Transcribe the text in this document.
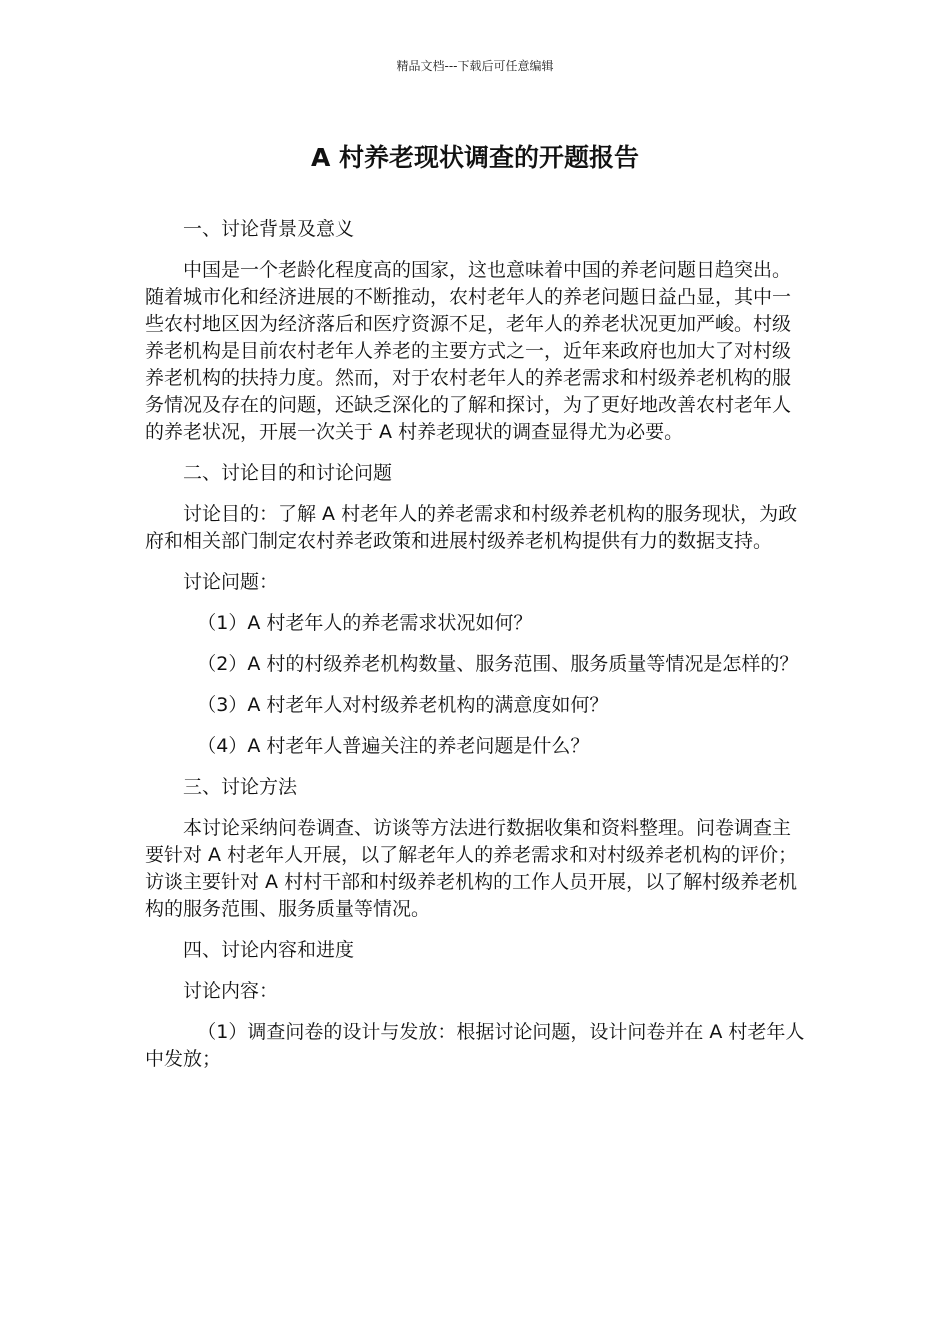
精品文档---下载后可任意编辑
A 村养老现状调查的开题报告

一、讨论背景及意义

中国是一个老龄化程度高的国家，这也意味着中国的养老问题日趋突出。随着城市化和经济进展的不断推动，农村老年人的养老问题日益凸显，其中一些农村地区因为经济落后和医疗资源不足，老年人的养老状况更加严峻。村级养老机构是目前农村老年人养老的主要方式之一，近年来政府也加大了对村级养老机构的扶持力度。然而，对于农村老年人的养老需求和村级养老机构的服务情况及存在的问题，还缺乏深化的了解和探讨，为了更好地改善农村老年人的养老状况，开展一次关于 A 村养老现状的调查显得尤为必要。

二、讨论目的和讨论问题

讨论目的：了解 A 村老年人的养老需求和村级养老机构的服务现状，为政府和相关部门制定农村养老政策和进展村级养老机构提供有力的数据支持。

讨论问题：

（1）A 村老年人的养老需求状况如何？

（2）A 村的村级养老机构数量、服务范围、服务质量等情况是怎样的？

（3）A 村老年人对村级养老机构的满意度如何？

（4）A 村老年人普遍关注的养老问题是什么？

三、讨论方法

本讨论采纳问卷调查、访谈等方法进行数据收集和资料整理。问卷调查主要针对 A 村老年人开展，以了解老年人的养老需求和对村级养老机构的评价；访谈主要针对 A 村村干部和村级养老机构的工作人员开展，以了解村级养老机构的服务范围、服务质量等情况。

四、讨论内容和进度

讨论内容：

（1）调查问卷的设计与发放：根据讨论问题，设计问卷并在 A 村老年人中发放；
